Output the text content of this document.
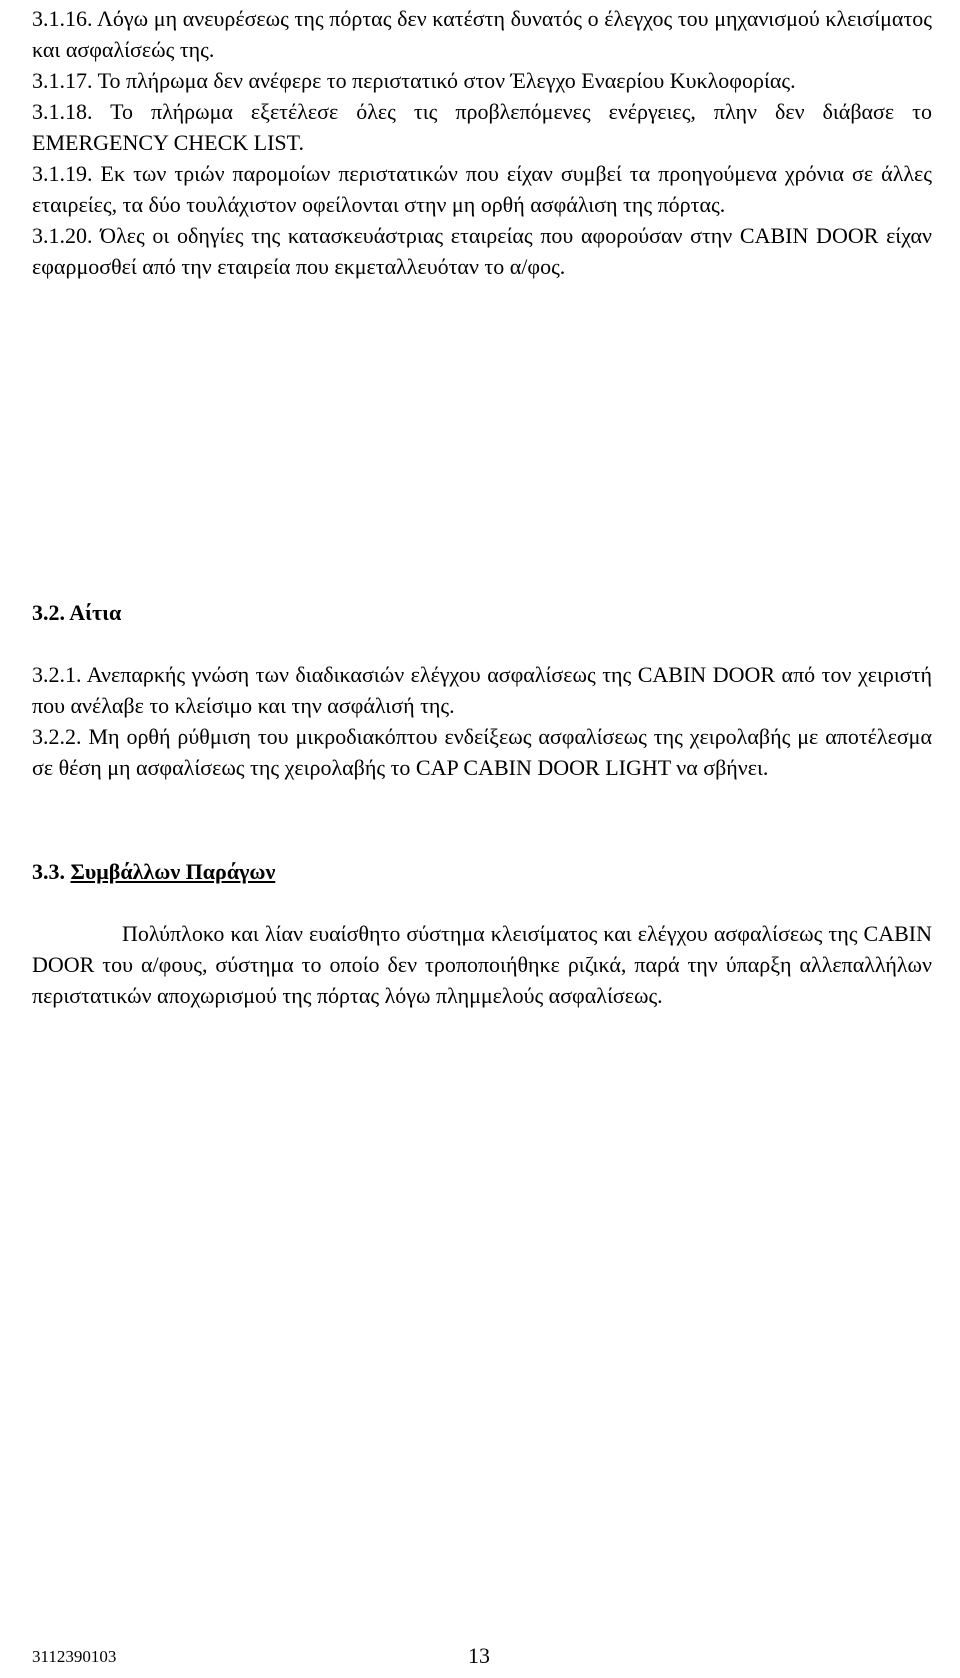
3.1.16. Λόγω μη ανευρέσεως της πόρτας δεν κατέστη δυνατός ο έλεγχος του μηχανισμού κλεισίματος και ασφαλίσεώς της.

3.1.17. Το πλήρωμα δεν ανέφερε το περιστατικό στον Έλεγχο Εναερίου Κυκλοφορίας.

3.1.18. Το πλήρωμα εξετέλεσε όλες τις προβλεπόμενες ενέργειες, πλην δεν διάβασε το EMERGENCY CHECK LIST.

3.1.19. Εκ των τριών παρομοίων περιστατικών που είχαν συμβεί τα προηγούμενα χρόνια σε άλλες εταιρείες, τα δύο τουλάχιστον οφείλονται στην μη ορθή ασφάλιση της πόρτας.

3.1.20. Όλες οι οδηγίες της κατασκευάστριας εταιρείας που αφορούσαν στην CABIN DOOR είχαν εφαρμοσθεί από την εταιρεία που εκμεταλλευόταν το α/φος.

3.2. Αίτια

3.2.1. Ανεπαρκής γνώση των διαδικασιών ελέγχου ασφαλίσεως της CABIN DOOR από τον χειριστή που ανέλαβε το κλείσιμο και την ασφάλισή της.

3.2.2. Μη ορθή ρύθμιση του μικροδιακόπτου ενδείξεως ασφαλίσεως της χειρολαβής με αποτέλεσμα σε θέση μη ασφαλίσεως της χειρολαβής το CAP CABIN DOOR LIGHT να σβήνει.

3.3. Συμβάλλων Παράγων

Πολύπλοκο και λίαν ευαίσθητο σύστημα κλεισίματος και ελέγχου ασφαλίσεως της CABIN DOOR του α/φους, σύστημα το οποίο δεν τροποποιήθηκε ριζικά, παρά την ύπαρξη αλλεπαλλήλων περιστατικών αποχωρισμού της πόρτας λόγω πλημμελούς ασφαλίσεως.

3112390103	13
